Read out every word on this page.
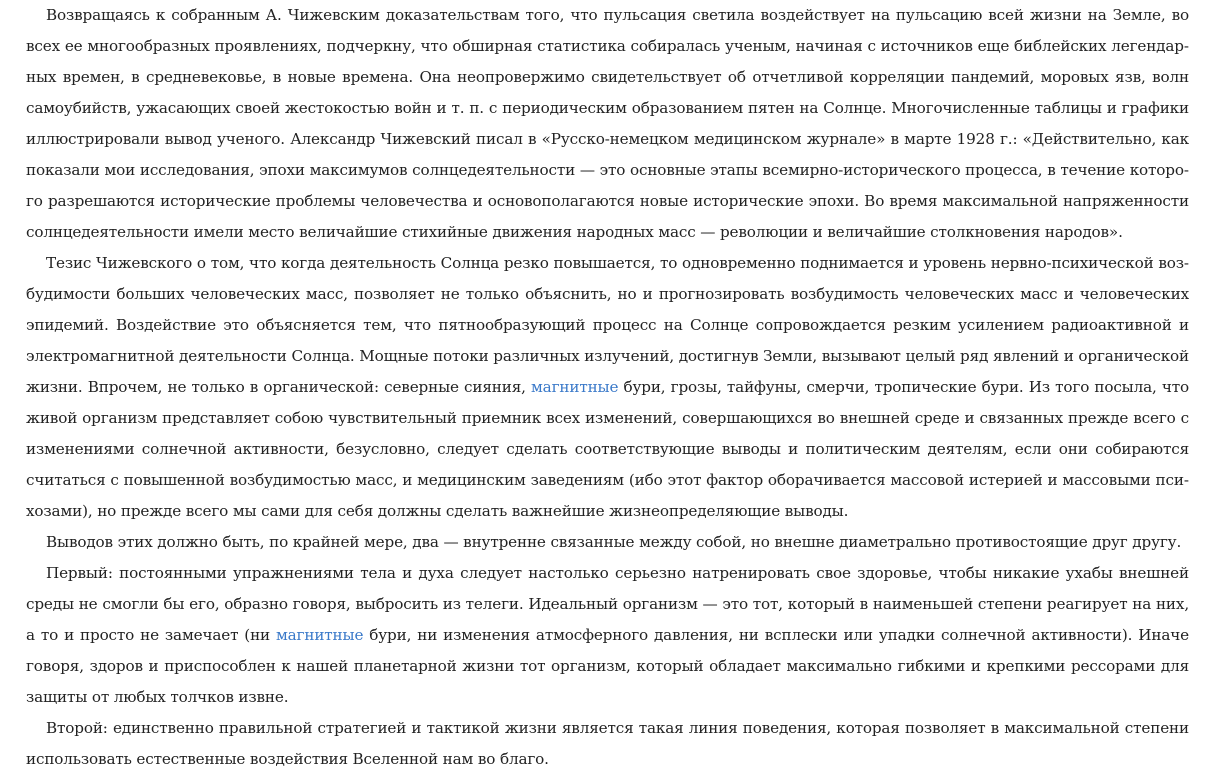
Возвращаясь к собранным А. Чижевским доказательствам того, что пульсация светила воздействует на пульсацию всей жизни на Земле, во всех ее многообразных проявлениях, подчеркну, что обширная статистика собиралась ученым, начиная с источников еще библейских легендарных времен, в средневековье, в новые времена. Она неопровержимо свидетельствует об отчетливой корреляции пандемий, моровых язв, волн самоубийств, ужасающих своей жестокостью войн и т. п. с периодическим образованием пятен на Солнце. Многочисленные таблицы и графики иллюстрировали вывод ученого. Александр Чижевский писал в «Русско-немецком медицинском журнале» в марте 1928 г.: «Действительно, как показали мои исследования, эпохи максимумов солнцедеятельности — это основные этапы всемирно-исторического процесса, в течение которого разрешаются исторические проблемы человечества и основополагаются новые исторические эпохи. Во время максимальной напряженности солнцедеятельности имели место величайшие стихийные движения народных масс — революции и величайшие столкновения народов».

Тезис Чижевского о том, что когда деятельность Солнца резко повышается, то одновременно поднимается и уровень нервно-психической возбудимости больших человеческих масс, позволяет не только объяснить, но и прогнозировать возбудимость человеческих масс и человеческих эпидемий. Воздействие это объясняется тем, что пятнообразующий процесс на Солнце сопровождается резким усилением радиоактивной и электромагнитной деятельности Солнца. Мощные потоки различных излучений, достигнув Земли, вызывают целый ряд явлений и органической жизни. Впрочем, не только в органической: северные сияния, магнитные бури, грозы, тайфуны, смерчи, тропические бури. Из того посыла, что живой организм представляет собою чувствительный приемник всех изменений, совершающихся во внешней среде и связанных прежде всего с изменениями солнечной активности, безусловно, следует сделать соответствующие выводы и политическим деятелям, если они собираются считаться с повышенной возбудимостью масс, и медицинским заведениям (ибо этот фактор оборачивается массовой истерией и массовыми психозами), но прежде всего мы сами для себя должны сделать важнейшие жизнеопределяющие выводы.

Выводов этих должно быть, по крайней мере, два — внутренне связанные между собой, но внешне диаметрально противостоящие друг другу.

Первый: постоянными упражнениями тела и духа следует настолько серьезно натренировать свое здоровье, чтобы никакие ухабы внешней среды не смогли бы его, образно говоря, выбросить из телеги. Идеальный организм — это тот, который в наименьшей степени реагирует на них, а то и просто не замечает (ни магнитные бури, ни изменения атмосферного давления, ни всплески или упадки солнечной активности). Иначе говоря, здоров и приспособлен к нашей планетарной жизни тот организм, который обладает максимально гибкими и крепкими рессорами для защиты от любых толчков извне.

Второй: единственно правильной стратегией и тактикой жизни является такая линия поведения, которая позволяет в максимальной степени использовать естественные воздействия Вселенной нам во благо.
